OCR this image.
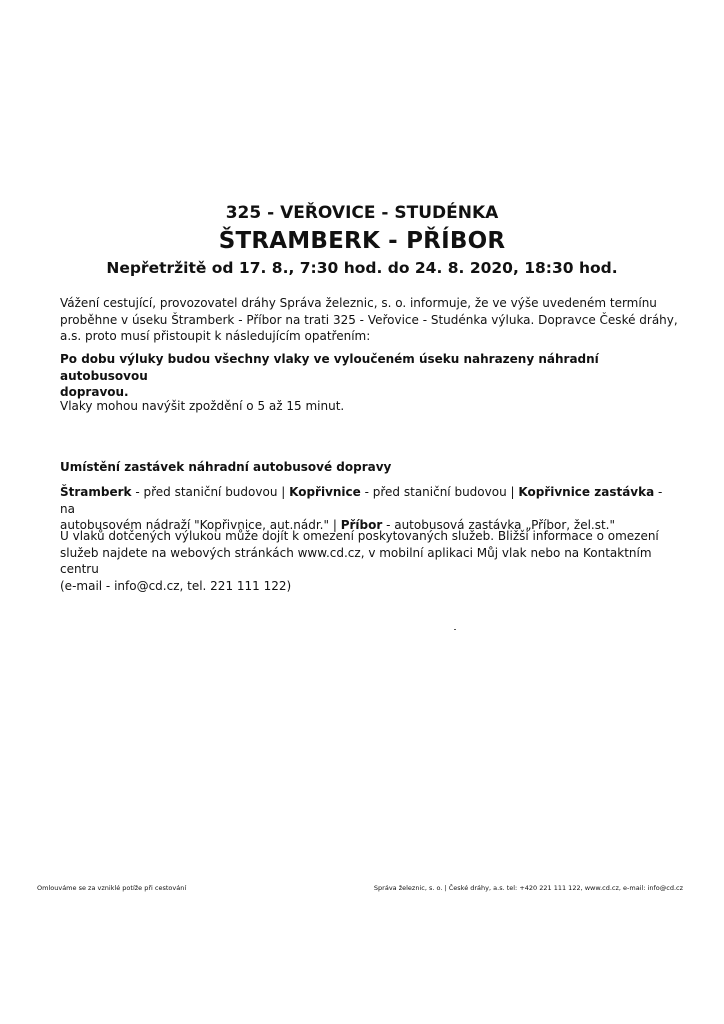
325 - VEŘOVICE - STUDÉNKA
ŠTRAMBERK - PŘÍBOR
Nepřetržitě od 17. 8., 7:30 hod. do 24. 8. 2020, 18:30 hod.
Vážení cestující, provozovatel dráhy Správa železnic, s. o. informuje, že ve výše uvedeném termínu
proběhne v úseku Štramberk - Příbor na trati 325 - Veřovice - Studénka výluka. Dopravce České dráhy,
a.s. proto musí přistoupit k následujícím opatřením:
Po dobu výluky budou všechny vlaky ve vyloučeném úseku nahrazeny náhradní autobusovou
dopravou.
Vlaky mohou navýšit zpoždění o 5 až 15 minut.
Umístění zastávek náhradní autobusové dopravy
Štramberk - před staniční budovou | Kopřivnice - před staniční budovou | Kopřivnice zastávka - na
autobusovém nádraží "Kopřivnice, aut.nádr." | Příbor - autobusová zastávka „Příbor, žel.st."
U vlaků dotčených výlukou může dojít k omezení poskytovaných služeb. Bližší informace o omezení
služeb najdete na webových stránkách www.cd.cz, v mobilní aplikaci Můj vlak nebo na Kontaktním centru
(e-mail - info@cd.cz, tel. 221 111 122)
Omlouváme se za vzniklé potíže při cestování	Správa železnic, s. o. | České dráhy, a.s. tel: +420 221 111 122, www.cd.cz, e-mail: info@cd.cz
